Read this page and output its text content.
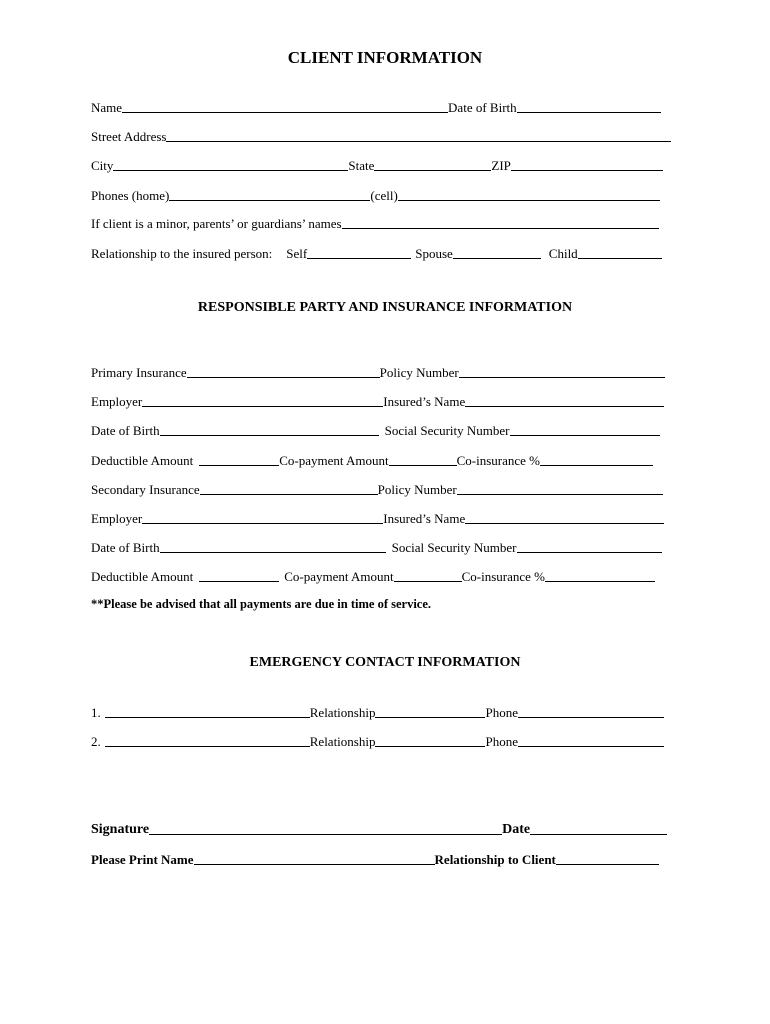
CLIENT INFORMATION
Name	Date of Birth
Street Address
City	State	ZIP
Phones (home)	(cell)
If client is a minor, parents’ or guardians’ names
Relationship to the insured person: Self	Spouse	Child
RESPONSIBLE PARTY AND INSURANCE INFORMATION
Primary Insurance	Policy Number
Employer	Insured’s Name
Date of Birth	Social Security Number
Deductible Amount	Co-payment Amount	Co-insurance %
Secondary Insurance	Policy Number
Employer	Insured’s Name
Date of Birth	Social Security Number
Deductible Amount	Co-payment Amount	Co-insurance %
**Please be advised that all payments are due in time of service.
EMERGENCY CONTACT INFORMATION
1.	Relationship	Phone
2.	Relationship	Phone
Signature	Date
Please Print Name	Relationship to Client
